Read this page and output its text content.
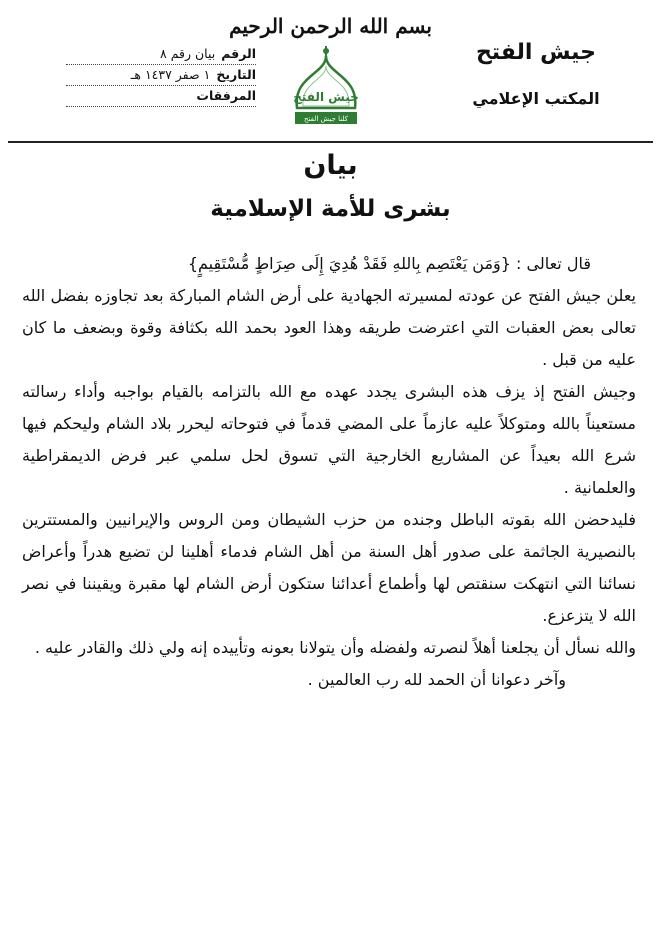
بسم الله الرحمن الرحيم
جيش الفتح
المكتب الإعلامي
الرقم
بيان رقم ٨
التاريخ
١ صفر ١٤٣٧ هـ
المرفقات	جيش الفتح
كلنا جيش الفتح
بيان
بشرى للأمة الإسلامية

قال تعالى : {وَمَن يَعْتَصِم بِاللهِ فَقَدْ هُدِيَ إِلَى صِرَاطٍ مُّسْتَقِيمٍ}

يعلن جيش الفتح عن عودته لمسيرته الجهادية على أرض الشام المباركة بعد تجاوزه بفضل الله تعالى بعض العقبات التي اعترضت طريقه وهذا العود بحمد الله بكثافة وقوة وبضعف ما كان عليه من قبل .

وجيش الفتح إذ يزف هذه البشرى يجدد عهده مع الله بالتزامه بالقيام بواجبه وأداء رسالته مستعيناً بالله ومتوكلاً عليه عازماً على المضي قدماً في فتوحاته ليحرر بلاد الشام وليحكم فيها شرع الله بعيداً عن المشاريع الخارجية التي تسوق لحل سلمي عبر فرض الديمقراطية والعلمانية .

فليدحضن الله بقوته الباطل وجنده من حزب الشيطان ومن الروس والإيرانيين والمستترين بالنصيرية الجاثمة على صدور أهل السنة من أهل الشام فدماء أهلينا لن تضيع هدراً وأعراض نسائنا التي انتهكت سنقتص لها وأطماع أعدائنا ستكون أرض الشام لها مقبرة ويقيننا في نصر الله لا يتزعزع.

والله نسأل أن يجلعنا أهلاً لنصرته ولفضله وأن يتولانا بعونه وتأييده إنه ولي ذلك والقادر عليه .

وآخر دعوانا أن الحمد لله رب العالمين .
